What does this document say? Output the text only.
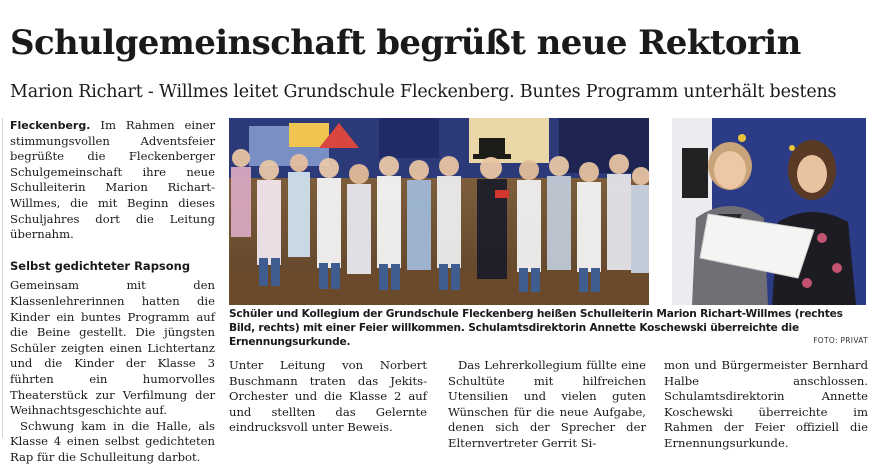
Schulgemeinschaft begrüßt neue Rektorin
Marion Richart - Willmes leitet Grundschule Fleckenberg. Buntes Programm unterhält bestens

Fleckenberg. Im Rahmen einer stimmungsvollen Adventsfeier begrüßte die Fleckenberger Schulgemeinschaft ihre neue Schulleiterin Marion Richart-Willmes, die mit Beginn dieses Schuljahres dort die Leitung übernahm.

Selbst gedichteter Rapsong

Gemeinsam mit den Klassenlehrerinnen hatten die Kinder ein buntes Programm auf die Beine gestellt. Die jüngsten Schüler zeigten einen Lichtertanz und die Kinder der Klasse 3 führten ein humorvolles Theaterstück zur Verfilmung der Weihnachtsgeschichte auf.

Schwung kam in die Halle, als Klasse 4 einen selbst gedichteten Rap für die Schulleitung darbot.

Schüler und Kollegium der Grundschule Fleckenberg heißen Schulleiterin Marion Richart-Willmes (rechtes Bild, rechts) mit einer Feier willkommen. Schulamtsdirektorin Annette Koschewski überreichte die Ernennungsurkunde.	FOTO: PRIVAT

Unter Leitung von Norbert Buschmann traten das Jekits-Orchester und die Klasse 2 auf und stellten das Gelernte eindrucksvoll unter Beweis.

Das Lehrerkollegium füllte eine Schultüte mit hilfreichen Utensilien und vielen guten Wünschen für die neue Aufgabe, denen sich der Sprecher der Elternvertreter Gerrit Si-

mon und Bürgermeister Bernhard Halbe anschlossen. Schulamtsdirektorin Annette Koschewski überreichte im Rahmen der Feier offiziell die Ernennungsurkunde.
